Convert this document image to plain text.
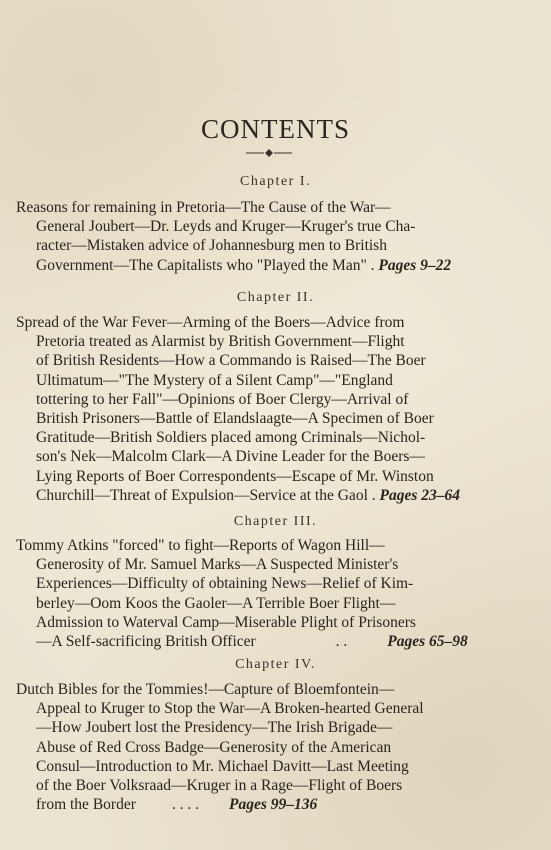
CONTENTS
Chapter I.
Reasons for remaining in Pretoria—The Cause of the War—
General Joubert—Dr. Leyds and Kruger—Kruger's true Cha-
racter—Mistaken advice of Johannesburg men to British
Government—The Capitalists who "Played the Man" . Pages 9–22
Chapter II.
Spread of the War Fever—Arming of the Boers—Advice from
Pretoria treated as Alarmist by British Government—Flight
of British Residents—How a Commando is Raised—The Boer
Ultimatum—"The Mystery of a Silent Camp"—"England
tottering to her Fall"—Opinions of Boer Clergy—Arrival of
British Prisoners—Battle of Elandslaagte—A Specimen of Boer
Gratitude—British Soldiers placed among Criminals—Nichol-
son's Nek—Malcolm Clark—A Divine Leader for the Boers—
Lying Reports of Boer Correspondents—Escape of Mr. Winston
Churchill—Threat of Expulsion—Service at the Gaol . Pages 23–64
Chapter III.
Tommy Atkins "forced" to fight—Reports of Wagon Hill—
Generosity of Mr. Samuel Marks—A Suspected Minister's
Experiences—Difficulty of obtaining News—Relief of Kim-
berley—Oom Koos the Gaoler—A Terrible Boer Flight—
Admission to Waterval Camp—Miserable Plight of Prisoners
—A Self-sacrificing British Officer	. .	Pages 65–98
Chapter IV.
Dutch Bibles for the Tommies!—Capture of Bloemfontein—
Appeal to Kruger to Stop the War—A Broken-hearted General
—How Joubert lost the Presidency—The Irish Brigade—
Abuse of Red Cross Badge—Generosity of the American
Consul—Introduction to Mr. Michael Davitt—Last Meeting
of the Boer Volksraad—Kruger in a Rage—Flight of Boers
from the Border . . . . Pages 99–136
